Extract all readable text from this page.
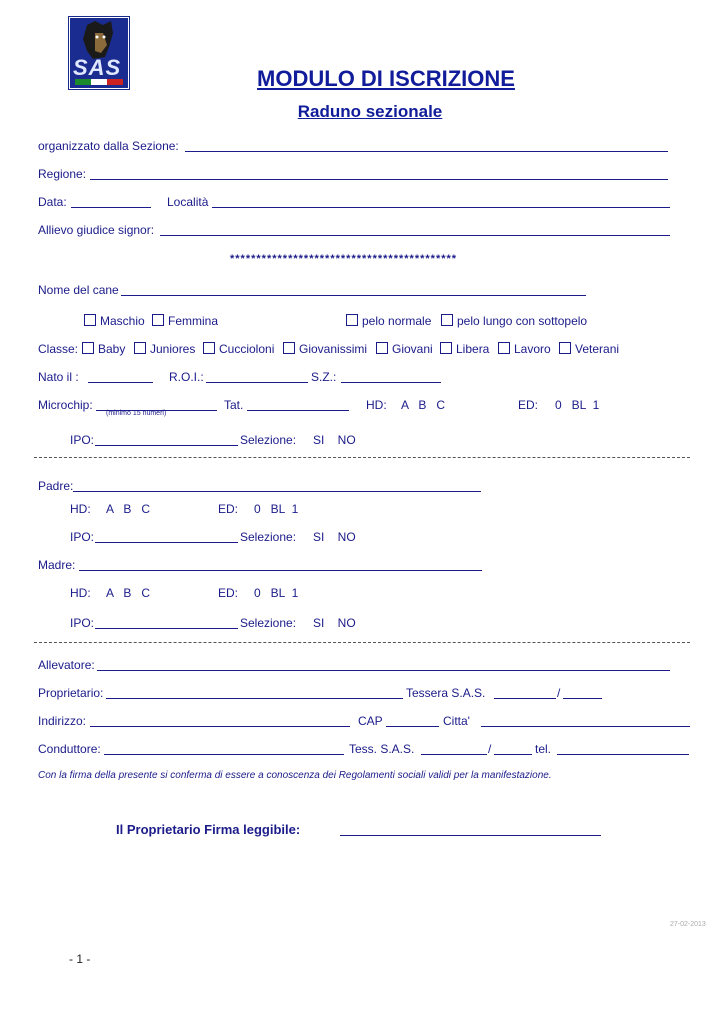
SAS	MODULO DI ISCRIZIONE
Raduno sezionale
organizzato dalla Sezione:
Regione:
Data:	Località
Allievo giudice signor:
*******************************************
Nome del cane
Maschio	Femmina	pelo normale	pelo lungo con sottopelo
Classe:	Baby	Juniores	Cuccioloni	Giovanissimi	Giovani	Libera	Lavoro	Veterani
Nato il :	R.O.I.:	S.Z.:
Microchip:
(minimo 15 numeri)
Tat.	HD: A   B   C	ED: 0   BL  1
IPO:	Selezione: SI    NO
Padre:
HD: A   B   C	ED: 0   BL  1
IPO:	Selezione: SI    NO
Madre:
HD: A   B   C	ED: 0   BL  1
IPO:	Selezione: SI    NO
Allevatore:
Proprietario:	Tessera S.A.S.	/
Indirizzo:	CAP	Citta'
Conduttore:	Tess. S.A.S.	/	tel.
Con la firma della presente si conferma di essere a conoscenza dei Regolamenti sociali validi per la manifestazione.
Il Proprietario Firma leggibile:
27-02-2013
- 1 -
